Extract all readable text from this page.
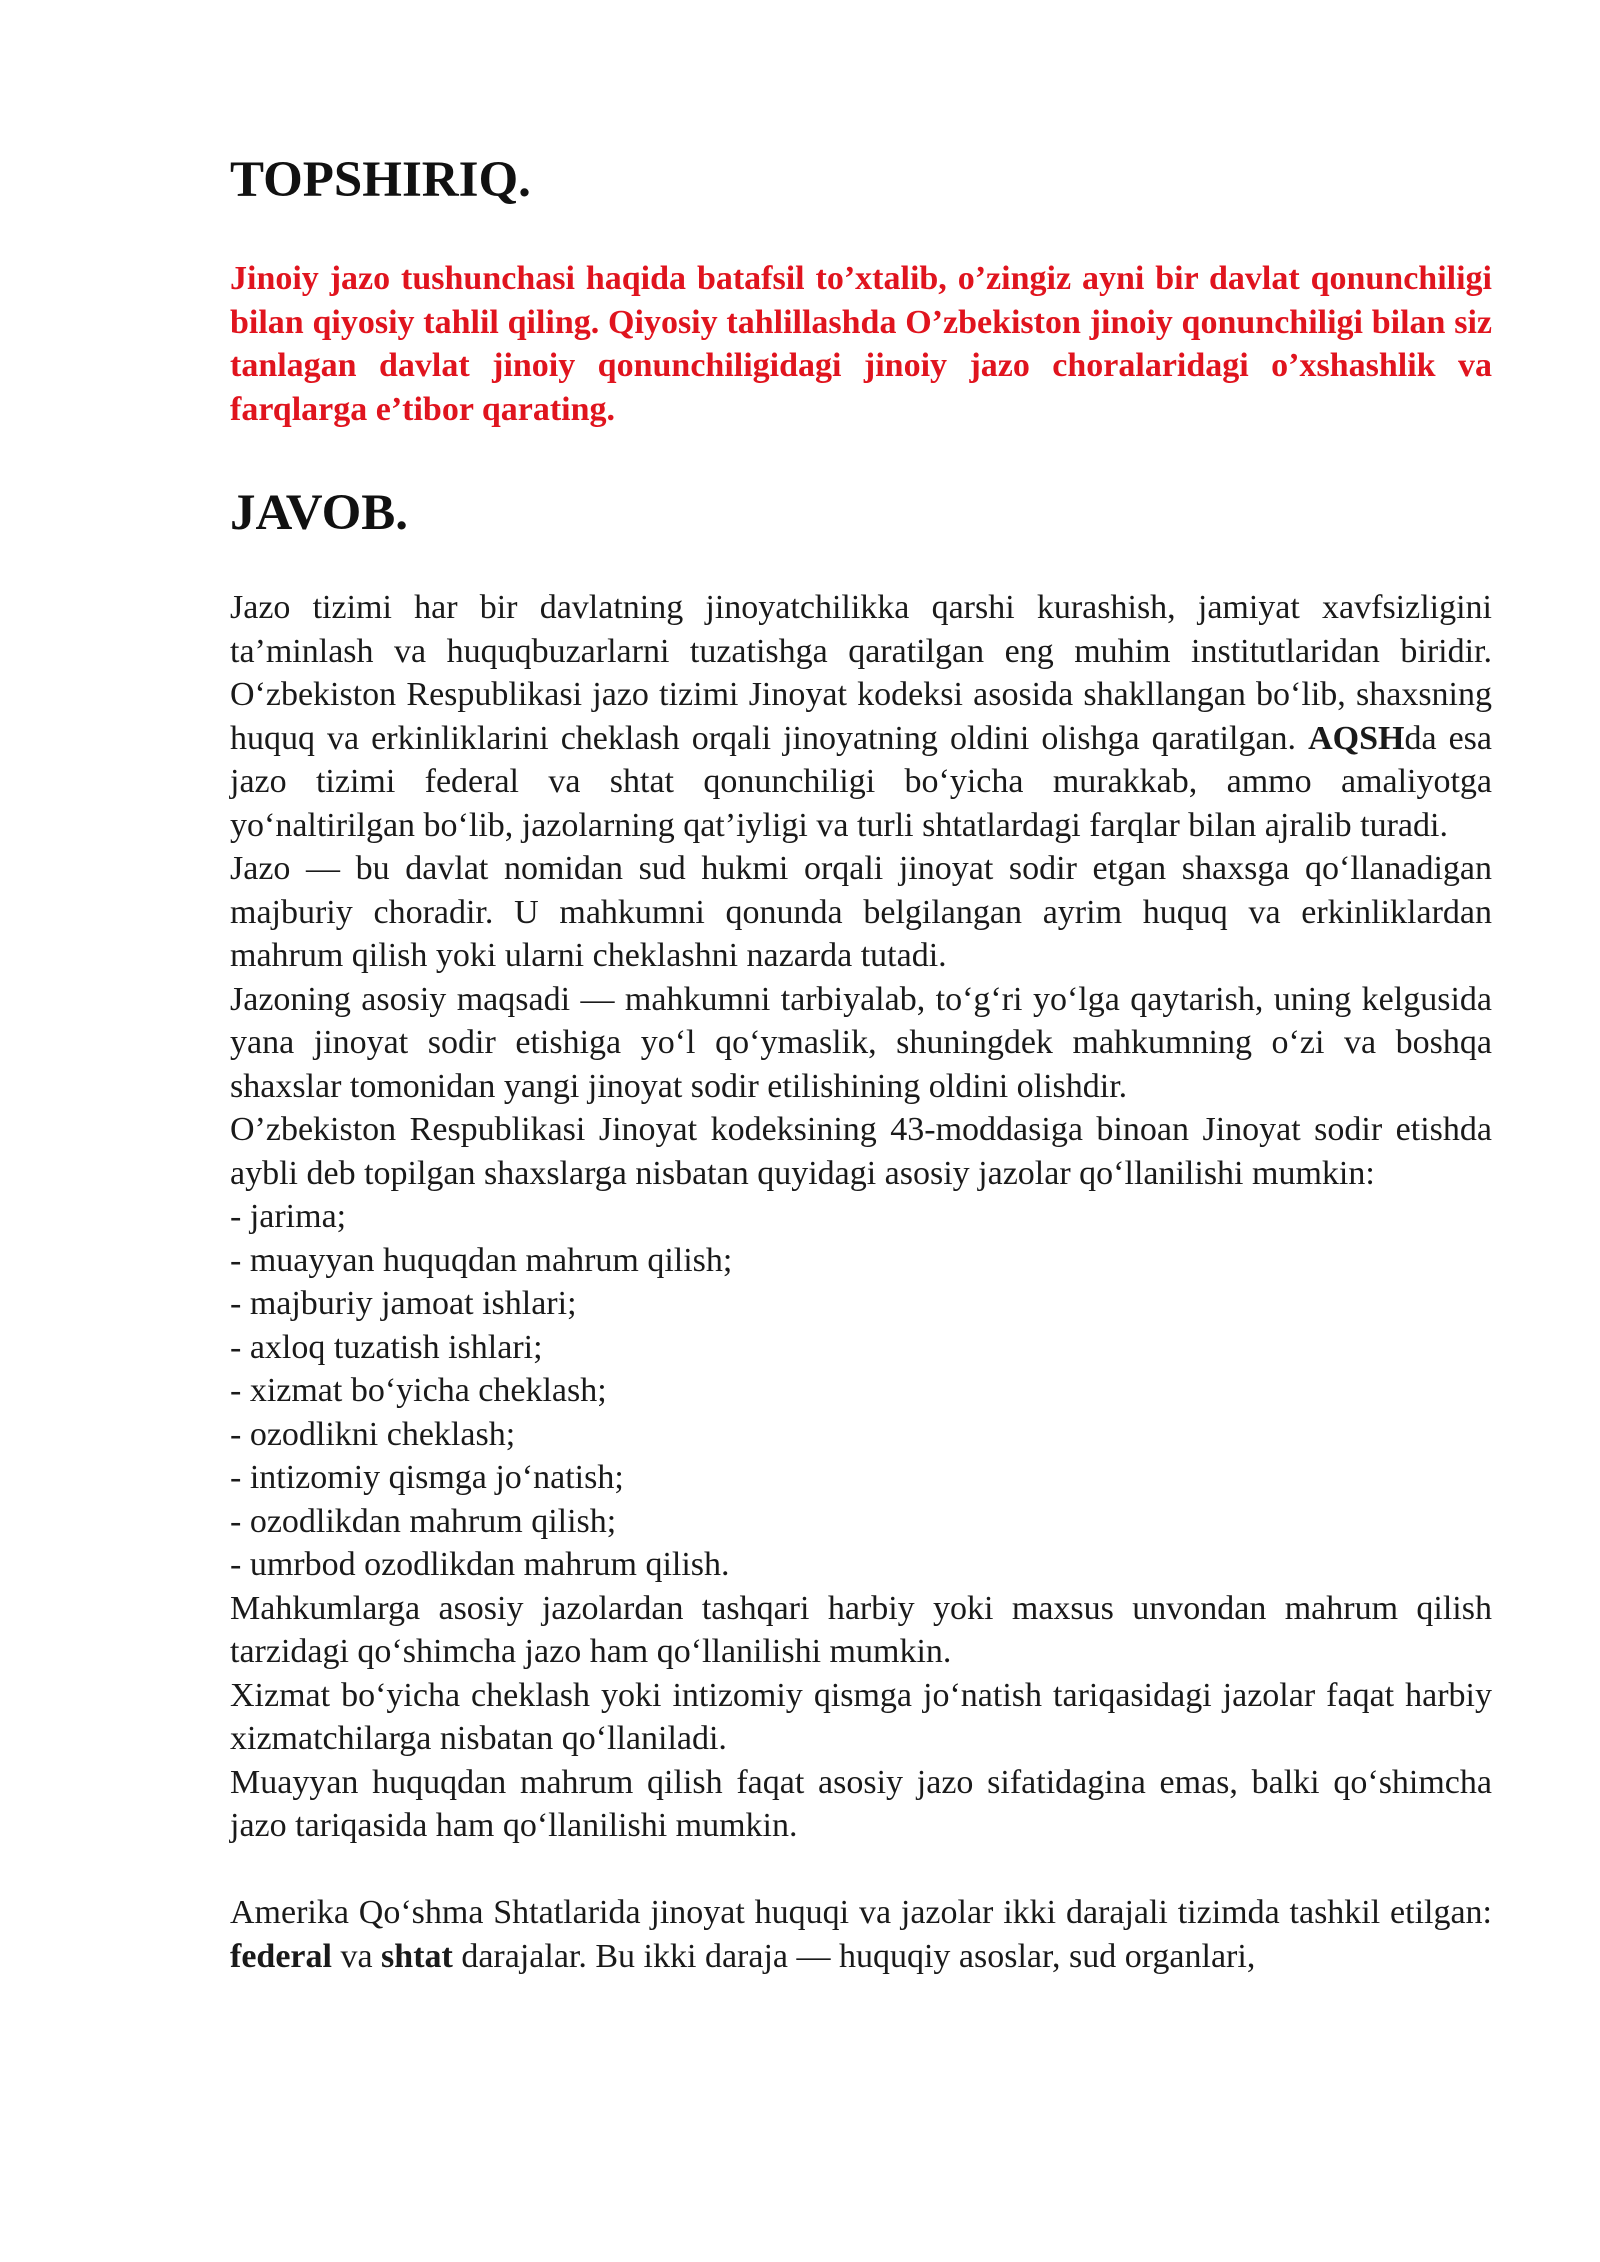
TOPSHIRIQ.

Jinoiy jazo tushunchasi haqida batafsil to’xtalib, o’zingiz ayni bir davlat qonunchiligi bilan qiyosiy tahlil qiling. Qiyosiy tahlillashda O’zbekiston jinoiy qonunchiligi bilan siz tanlagan davlat jinoiy qonunchiligidagi jinoiy jazo choralaridagi o’xshashlik va farqlarga e’tibor qarating.

JAVOB.

Jazo tizimi har bir davlatning jinoyatchilikka qarshi kurashish, jamiyat xavfsizligini ta’minlash va huquqbuzarlarni tuzatishga qaratilgan eng muhim institutlaridan biridir. O‘zbekiston Respublikasi jazo tizimi Jinoyat kodeksi asosida shakllangan bo‘lib, shaxsning huquq va erkinliklarini cheklash orqali jinoyatning oldini olishga qaratilgan. AQSHda esa jazo tizimi federal va shtat qonunchiligi bo‘yicha murakkab, ammo amaliyotga yo‘naltirilgan bo‘lib, jazolarning qat’iyligi va turli shtatlardagi farqlar bilan ajralib turadi.

Jazo — bu davlat nomidan sud hukmi orqali jinoyat sodir etgan shaxsga qo‘llanadigan majburiy choradir. U mahkumni qonunda belgilangan ayrim huquq va erkinliklardan mahrum qilish yoki ularni cheklashni nazarda tutadi.

Jazoning asosiy maqsadi — mahkumni tarbiyalab, to‘g‘ri yo‘lga qaytarish, uning kelgusida yana jinoyat sodir etishiga yo‘l qo‘ymaslik, shuningdek mahkumning o‘zi va boshqa shaxslar tomonidan yangi jinoyat sodir etilishining oldini olishdir.

O’zbekiston Respublikasi Jinoyat kodeksining 43-moddasiga binoan Jinoyat sodir etishda aybli deb topilgan shaxslarga nisbatan quyidagi asosiy jazolar qo‘llanilishi mumkin:

- jarima;
- muayyan huquqdan mahrum qilish;
- majburiy jamoat ishlari;
- axloq tuzatish ishlari;
- xizmat bo‘yicha cheklash;
- ozodlikni cheklash;
- intizomiy qismga jo‘natish;
- ozodlikdan mahrum qilish;
- umrbod ozodlikdan mahrum qilish.

Mahkumlarga asosiy jazolardan tashqari harbiy yoki maxsus unvondan mahrum qilish tarzidagi qo‘shimcha jazo ham qo‘llanilishi mumkin.

Xizmat bo‘yicha cheklash yoki intizomiy qismga jo‘natish tariqasidagi jazolar faqat harbiy xizmatchilarga nisbatan qo‘llaniladi.

Muayyan huquqdan mahrum qilish faqat asosiy jazo sifatidagina emas, balki qo‘shimcha jazo tariqasida ham qo‘llanilishi mumkin.

Amerika Qo‘shma Shtatlarida jinoyat huquqi va jazolar ikki darajali tizimda tashkil etilgan: federal va shtat darajalar. Bu ikki daraja — huquqiy asoslar, sud organlari,
